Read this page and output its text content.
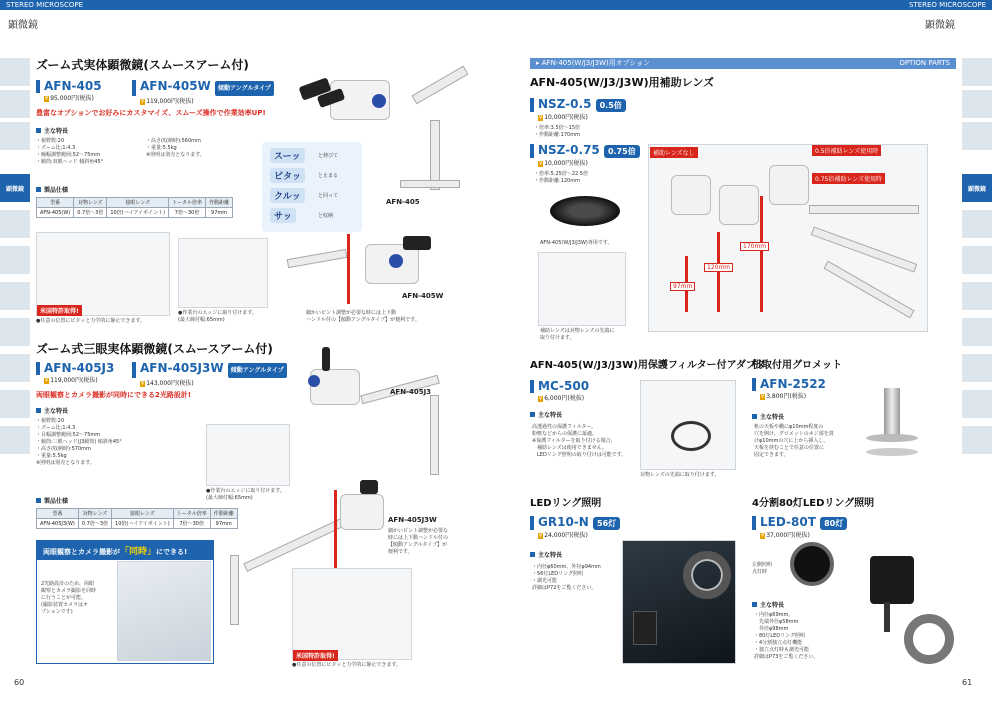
STEREO MICROSCOPE	STEREO MICROSCOPE
顕微鏡	顕微鏡
顕微鏡	顕微鏡
ズーム式実体顕微鏡(スムースアーム付)
AFN-405
¥ 95,000円(税抜)
AFN-405W 傾動アングルタイプ
¥ 119,000円(税抜)
豊富なオプションでお好みにカスタマイズ、スムーズ操作で作業効率UP!
主な特長
・視野数:20
・ズーム比:1:4.3
・瞳幅調整範囲:52〜75mm
・鏡筒:双眼ヘッド 傾斜角45°
・高さ(収納時):560mm
・重量:5.5kg
※照明は別売となります。
製品仕様
型番	対物レンズ	接眼レンズ	トータル倍率	作動距離
AFN-405(W)	0.7倍〜3倍	10倍(ハイアイポイント)	7倍〜30倍	97mm
スーッ	と伸びて
ピタッ	と止まる
クルッ	と回って
サッ	と収納
AFN-405
米国特許取得!
●任意の位置にピタッと力学的に静止できます。
●作業台のエッジに取り付けます。
(最大締付幅:65mm)
AFN-405W
細かいピント調整が必要な時には上下動
ハンドル付の【傾動アングルタイプ】が便利です。
ズーム式三眼実体顕微鏡(スムースアーム付)
AFN-405J3
¥ 119,000円(税抜)
AFN-405J3W 傾動アングルタイプ
¥ 143,000円(税抜)
両眼観察とカメラ撮影が同時にできる2光路設計!
主な特長
・視野数:20
・ズーム比:1:4.3
・目幅調整範囲:52〜75mm
・鏡筒:三眼ヘッド(J3鏡筒) 傾斜角45°
・高さ(収納時):570mm
・重量:5.5kg
※照明は別売となります。
製品仕様
型番	対物レンズ	接眼レンズ	トータル倍率	作動距離
AFN-405J3(W)	0.7倍〜3倍	10倍(ハイアイポイント)	7倍〜30倍	97mm
AFN-405J3
●作業台のエッジに取り付けます。
(最大締付幅:65mm)
AFN-405J3W
細かいピント調整が必要な
時には上下動ハンドル付の
【傾動アングルタイプ】が
便利です。
両眼観察とカメラ撮影が「同時」にできる!
2光路設計のため、両眼
観察とカメラ撮影を同時
に行うことが可能。
(撮影装置カメラはオ
プションです)
米国特許取得!
●任意の位置にピタッと力学的に静止できます。
60
▸ AFN-405(W/J3/J3W)用オプション	OPTION PARTS
AFN-405(W/J3/J3W)用補助レンズ
NSZ-0.5 0.5倍
¥ 10,000円(税抜)
・倍率:3.5倍〜15倍
・作動距離:170mm
NSZ-0.75 0.75倍
¥ 10,000円(税抜)
・倍率:5.25倍〜22.5倍
・作動距離:120mm
AFN-405(W/J3/J3W)専用です。
補助レンズは対物レンズの先端に
取り付けます。
補助レンズなし	0.5倍補助レンズ使用時
0.75倍補助レンズ使用時
170mm
120mm
97mm
AFN-405(W/J3/J3W)用保護フィルター付アダプタ
MC-500
¥ 6,000円(税抜)
主な特長
高透過性の保護フィルター。
粉塵などからの保護に最適。
※保護フィルターを取り付ける場合、
　補助レンズは使用できません。
　LEDリング照明の取り付けは可能です。
対物レンズの先端に取り付けます。
机取付用グロメット
AFN-2522
¥ 3,800円(税抜)
主な特長
机の天板や棚にφ10mm程度の
穴を開け、グロメットのネジ部を貫
けφ10mmの穴に上から挿入し、
天板を挟むことで任意の位置に
固定できます。
LEDリング照明
GR10-N 56灯
¥ 24,000円(税抜)
主な特長
・内径φ60mm、外径φ94mm
・56灯LEDリング照明
・調光可能
詳細はP72をご覧ください。
4分割80灯LEDリング照明
LED-80T 80灯
¥ 37,000円(税抜)
左側照明
点灯時
主な特長
・内径φ69mm、
　先端外径φ58mm
　外径φ98mm
・80灯LEDリング照明
・4分割独立点灯機能
・独立点灯時も調光可能
詳細はP73をご覧ください。
61
